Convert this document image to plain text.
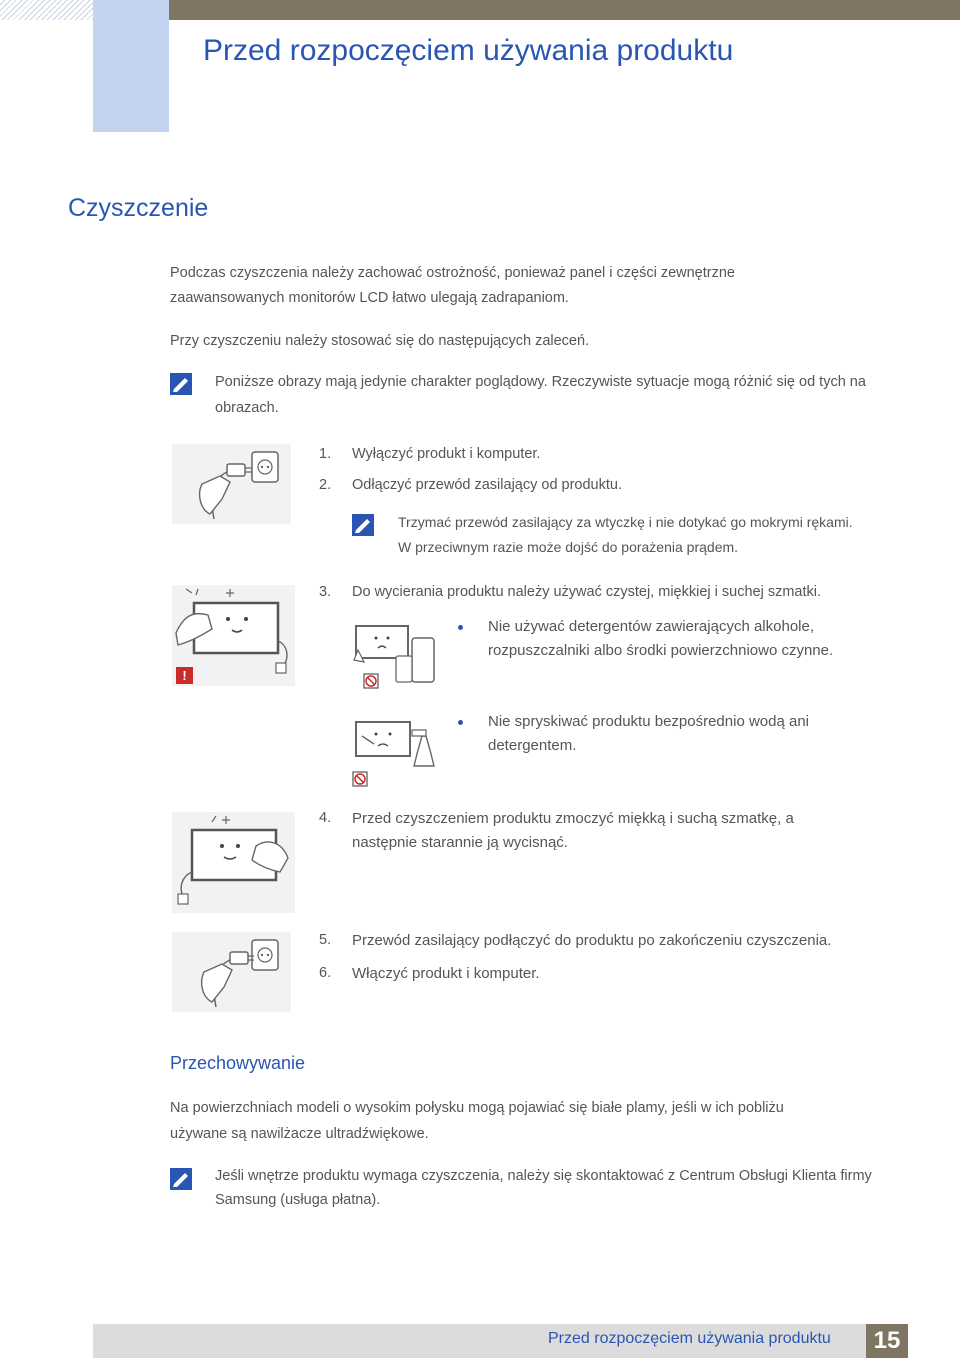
Przed rozpoczęciem używania produktu
Czyszczenie
Podczas czyszczenia należy zachować ostrożność, ponieważ panel i części zewnętrzne
zaawansowanych monitorów LCD łatwo ulegają zadrapaniom.
Przy czyszczeniu należy stosować się do następujących zaleceń.
Poniższe obrazy mają jedynie charakter poglądowy. Rzeczywiste sytuacje mogą różnić się od tych na
obrazach.
1. Wyłączyć produkt i komputer.
2. Odłączyć przewód zasilający od produktu.
Trzymać przewód zasilający za wtyczkę i nie dotykać go mokrymi rękami.
W przeciwnym razie może dojść do porażenia prądem.
!
3. Do wycierania produktu należy używać czystej, miękkiej i suchej szmatki.
Nie używać detergentów zawierających alkohole,
rozpuszczalniki albo środki powierzchniowo czynne.
Nie spryskiwać produktu bezpośrednio wodą ani
detergentem.
4. Przed czyszczeniem produktu zmoczyć miękką i suchą szmatkę, a
następnie starannie ją wycisnąć.
5. Przewód zasilający podłączyć do produktu po zakończeniu czyszczenia.
6. Włączyć produkt i komputer.
Przechowywanie
Na powierzchniach modeli o wysokim połysku mogą pojawiać się białe plamy, jeśli w ich pobliżu
używane są nawilżacze ultradźwiękowe.
Jeśli wnętrze produktu wymaga czyszczenia, należy się skontaktować z Centrum Obsługi Klienta firmy
Samsung (usługa płatna).
Przed rozpoczęciem używania produktu	15
